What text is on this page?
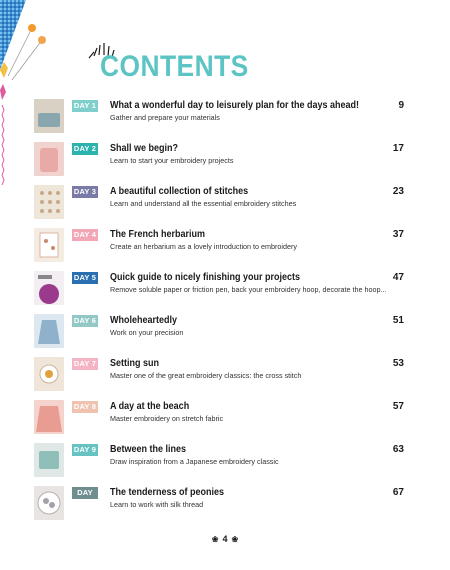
CONTENTS
DAY 1 What a wonderful day to leisurely plan for the days ahead!
Gather and prepare your materials
9
DAY 2 Shall we begin?
Learn to start your embroidery projects
17
DAY 3 A beautiful collection of stitches
Learn and understand all the essential embroidery stitches
23
DAY 4 The French herbarium
Create an herbarium as a lovely introduction to embroidery
37
DAY 5 Quick guide to nicely finishing your projects
Remove soluble paper or friction pen, back your embroidery hoop, decorate the hoop...
47
DAY 6 Wholeheartedly
Work on your precision
51
DAY 7 Setting sun
Master one of the great embroidery classics: the cross stitch
53
DAY 8 A day at the beach
Master embroidery on stretch fabric
57
DAY 9 Between the lines
Draw inspiration from a Japanese embroidery classic
63
DAY 10
The tenderness of peonies
Learn to work with silk thread
67
❀ 4 ❀
